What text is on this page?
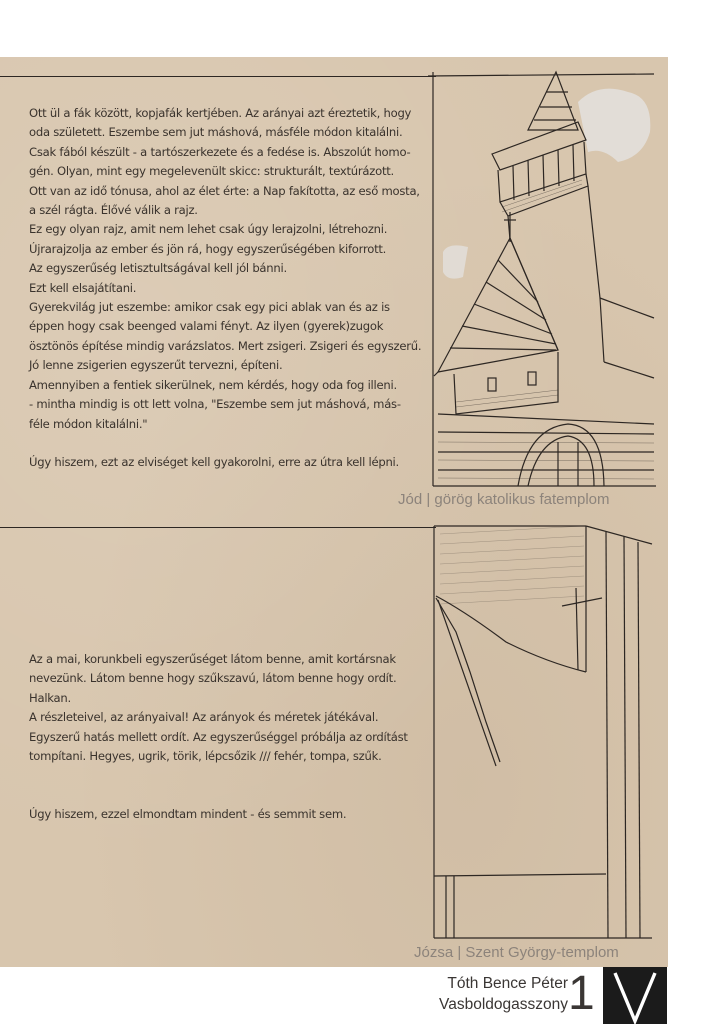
Ott ül a fák között, kopjafák kertjében. Az arányai azt éreztetik, hogy

oda született. Eszembe sem jut máshová, másféle módon kitalálni.

Csak fából készült - a tartószerkezete és a fedése is. Abszolút homo-

gén. Olyan, mint egy megelevenült skicc: strukturált, textúrázott.

Ott van az idő tónusa, ahol az élet érte: a Nap fakította, az eső mosta,

a szél rágta. Élővé válik a rajz.

Ez egy olyan rajz, amit nem lehet csak úgy lerajzolni, létrehozni.

Újrarajzolja az ember és jön rá, hogy egyszerűségében kiforrott.

Az egyszerűség letisztultságával kell jól bánni.

Ezt kell elsajátítani.

Gyerekvilág jut eszembe: amikor csak egy pici ablak van és az is

éppen hogy csak beenged valami fényt. Az ilyen (gyerek)zugok

ösztönös építése mindig varázslatos. Mert zsigeri. Zsigeri és egyszerű.

Jó lenne zsigerien egyszerűt tervezni, építeni.

Amennyiben a fentiek sikerülnek, nem kérdés, hogy oda fog illeni.

- mintha mindig is ott lett volna, "Eszembe sem jut máshová, más-

féle módon kitalálni."

Úgy hiszem, ezt az elviséget kell gyakorolni, erre az útra kell lépni.

Jód | görög katolikus fatemplom

Az a mai, korunkbeli egyszerűséget látom benne, amit kortársnak

nevezünk. Látom benne hogy szűkszavú, látom benne hogy ordít.

Halkan.

A részleteivel, az arányaival! Az arányok és méretek játékával.

Egyszerű hatás mellett ordít. Az egyszerűséggel próbálja az ordítást

tompítani. Hegyes, ugrik, törik, lépcsőzik /// fehér, tompa, szűk.

Úgy hiszem, ezzel elmondtam mindent - és semmit sem.

Józsa | Szent György-templom
Tóth Bence Péter
Vasboldogasszony 1
